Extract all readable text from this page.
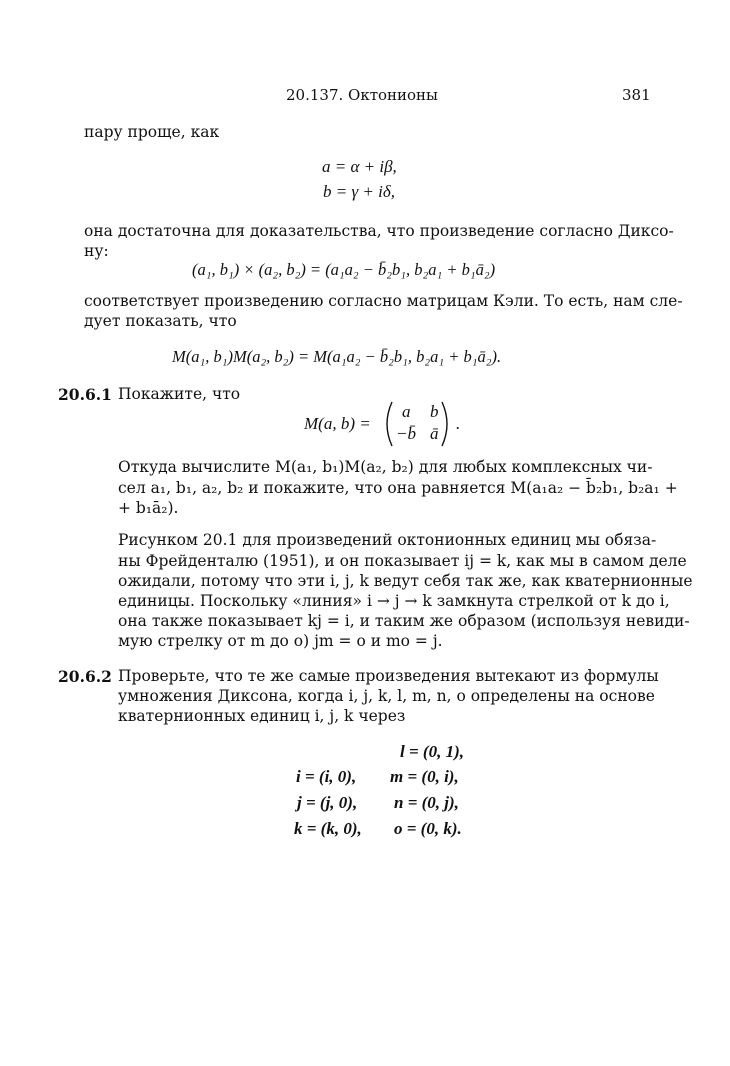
20.137. Октонионы	381
пару проще, как
a = α + iβ,
b = γ + iδ,
она достаточна для доказательства, что произведение согласно Диксо-
ну:
(a₁, b₁) × (a₂, b₂) = (a₁a₂ − b̄₂b₁, b₂a₁ + b₁ā₂)
соответствует произведению согласно матрицам Кэли. То есть, нам сле-
дует показать, что
M(a₁, b₁)M(a₂, b₂) = M(a₁a₂ − b̄₂b₁, b₂a₁ + b₁ā₂).
20.6.1 Покажите, что
M(a, b) =
a b
−b̄ ā
.
Откуда вычислите M(a₁, b₁)M(a₂, b₂) для любых комплексных чи-
сел a₁, b₁, a₂, b₂ и покажите, что она равняется M(a₁a₂ − b̄₂b₁, b₂a₁ +
+ b₁ā₂).
Рисунком 20.1 для произведений октонионных единиц мы обяза-
ны Фрейденталю (1951), и он показывает ij = k, как мы в самом деле
ожидали, потому что эти i, j, k ведут себя так же, как кватернионные
единицы. Поскольку «линия» i → j → k замкнута стрелкой от k до i,
она также показывает kj = i, и таким же образом (используя невиди-
мую стрелку от m до o) jm = o и mo = j.
20.6.2 Проверьте, что те же самые произведения вытекают из формулы
умножения Диксона, когда i, j, k, l, m, n, o определены на основе
кватернионных единиц i, j, k через
l = (0, 1),
i = (i, 0), m = (0, i),
j = (j, 0), n = (0, j),
k = (k, 0), o = (0, k).
